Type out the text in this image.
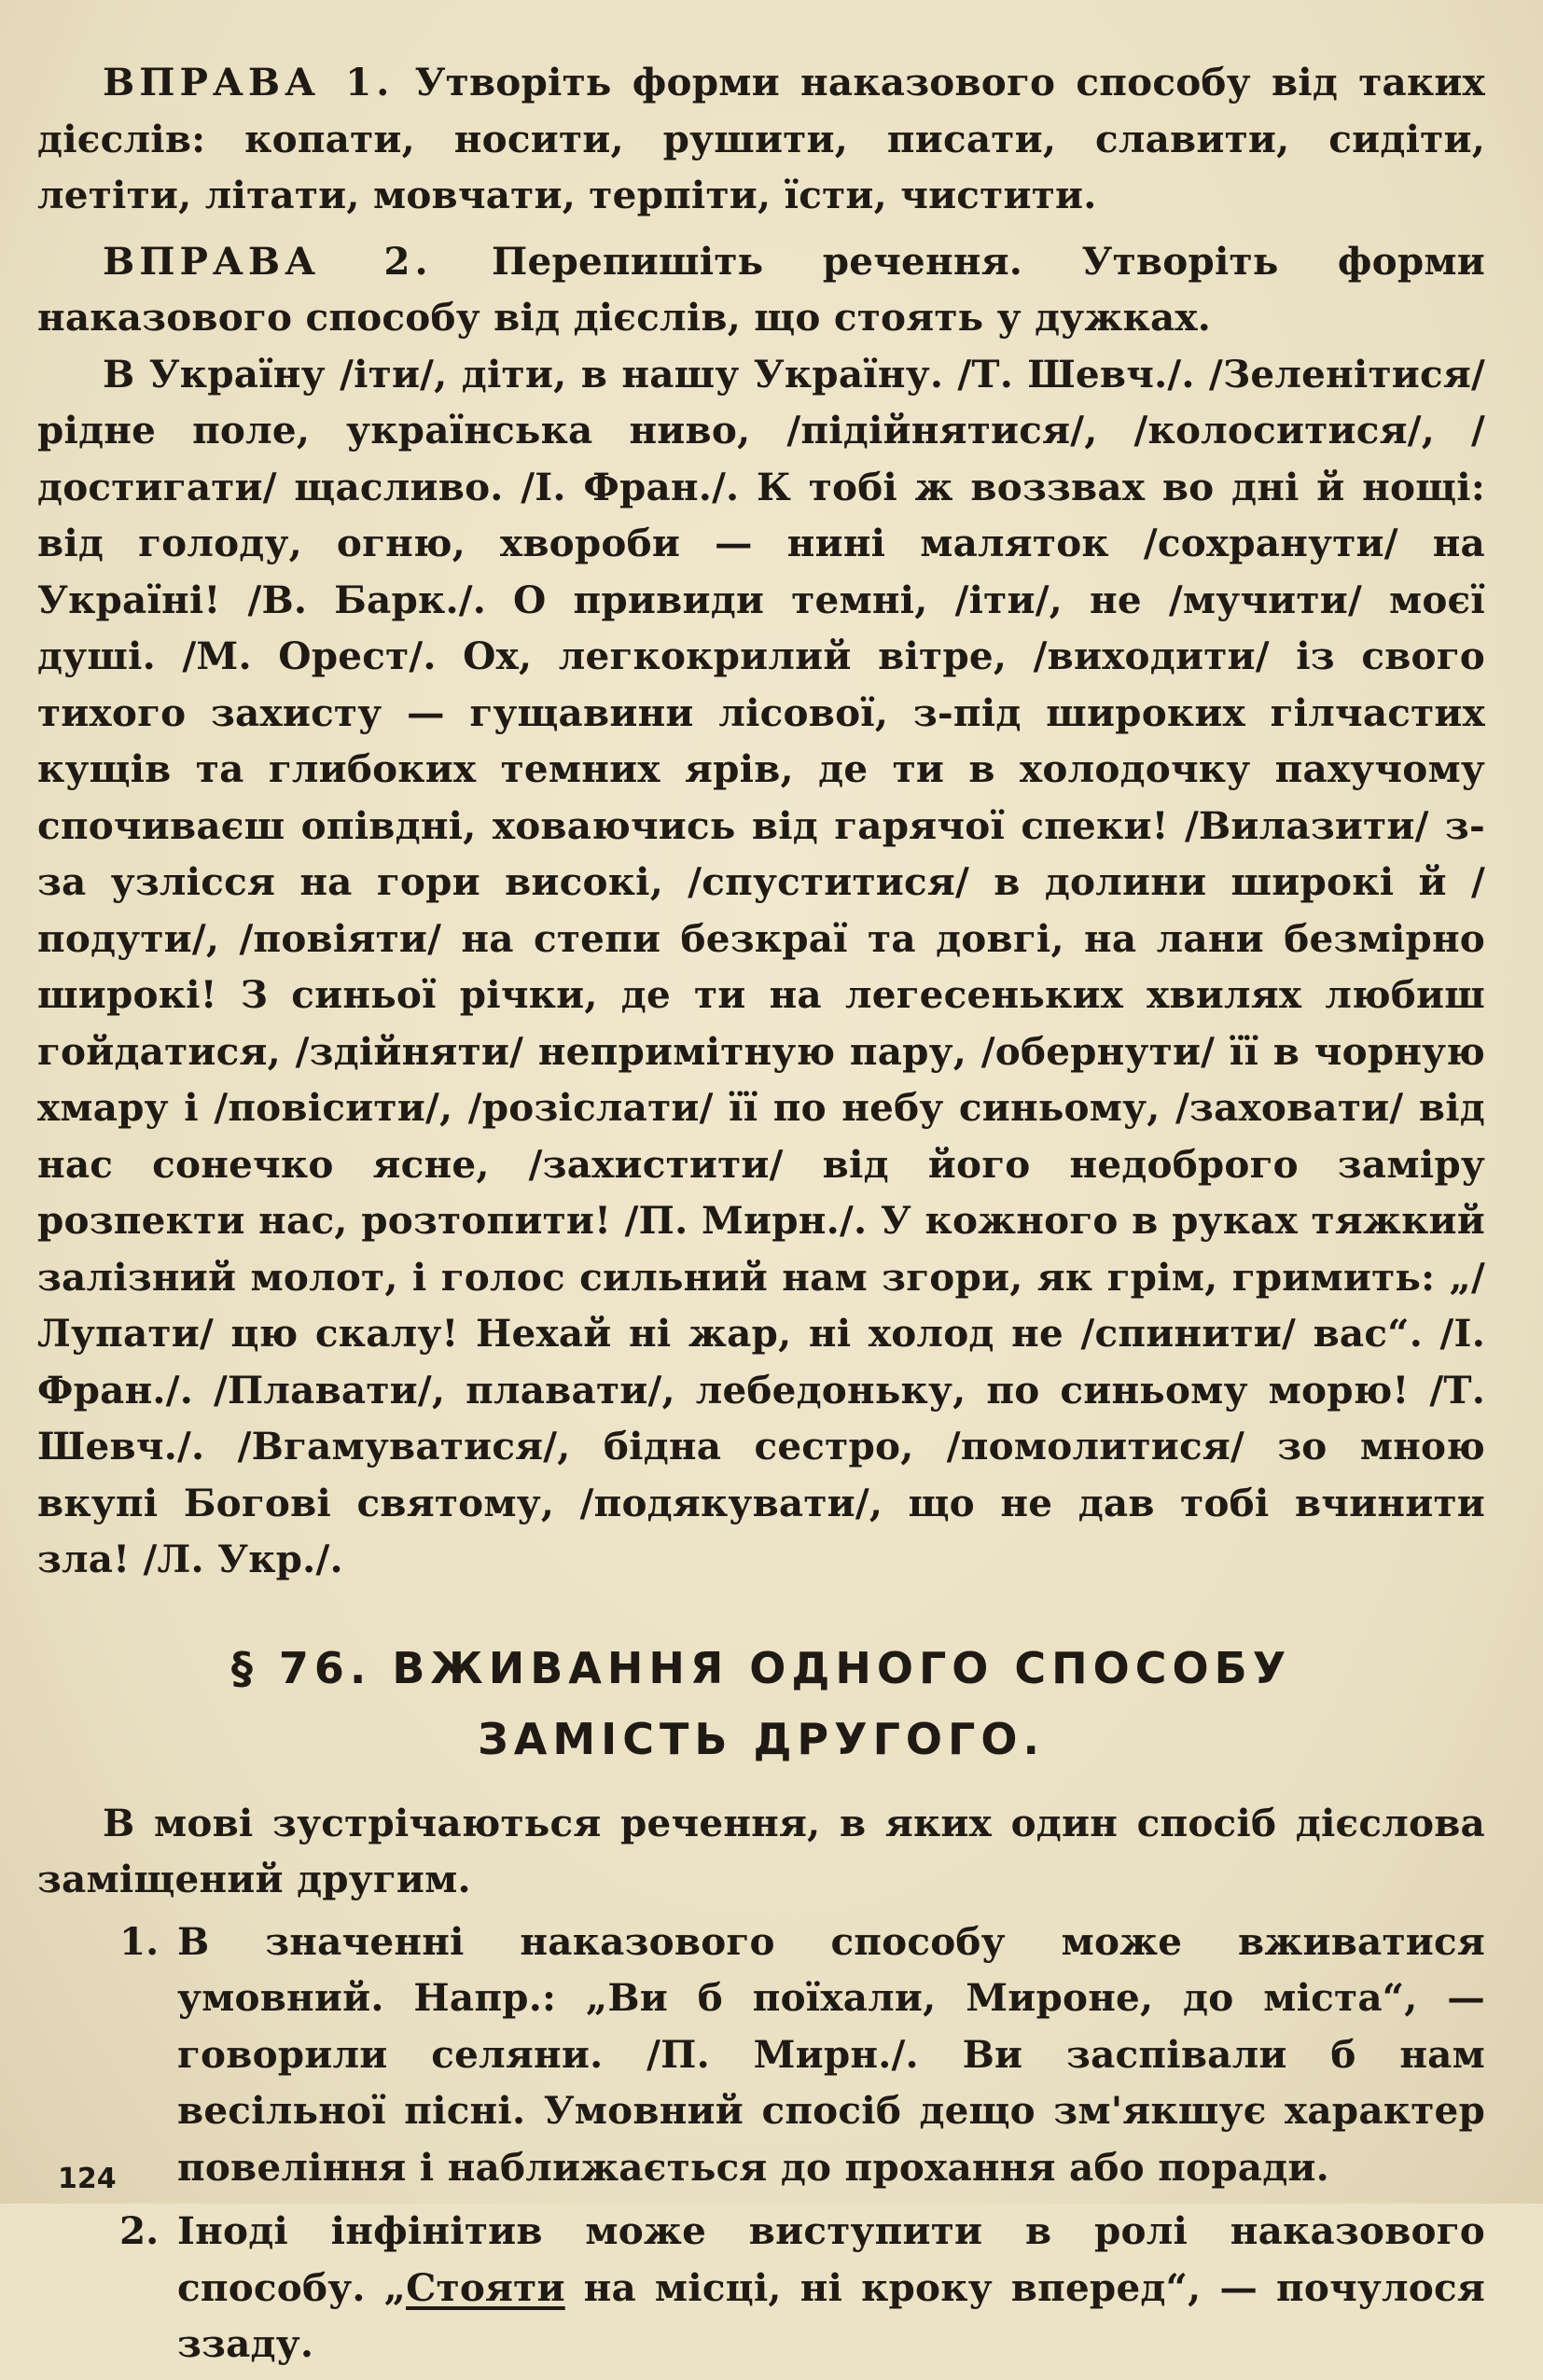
ВПРАВА 1. Утворіть форми наказового способу від таких дієслів: копати, носити, рушити, писати, славити, сидіти, летіти, літати, мовчати, терпіти, їсти, чистити.

ВПРАВА 2. Перепишіть речення. Утворіть форми наказового способу від дієслів, що стоять у дужках.

В Україну /іти/, діти, в нашу Україну. /Т. Шевч./. /Зеленітися/ рідне поле, українська ниво, /підійнятися/, /колоситися/, /достигати/ щасливо. /І. Фран./. К тобі ж воззвах во дні й нощі: від голоду, огню, хвороби — нині маляток /сохранути/ на Україні! /В. Барк./. О привиди темні, /іти/, не /мучити/ моєї душі. /М. Орест/. Ох, легкокрилий вітре, /виходити/ із свого тихого захисту — гущавини лісової, з-під широких гілчастих кущів та глибоких темних ярів, де ти в холодочку пахучому спочиваєш опівдні, ховаючись від гарячої спеки! /Вилазити/ з-за узлісся на гори високі, /спуститися/ в долини широкі й /подути/, /повіяти/ на степи безкраї та довгі, на лани безмірно широкі! З синьої річки, де ти на легесеньких хвилях любиш гойдатися, /здійняти/ непримітную пару, /обернути/ її в чорную хмару і /повісити/, /розіслати/ її по небу синьому, /заховати/ від нас сонечко ясне, /захистити/ від його недоброго заміру розпекти нас, розтопити! /П. Мирн./. У кожного в руках тяжкий залізний молот, і голос сильний нам згори, як грім, гримить: „/Лупати/ цю скалу! Нехай ні жар, ні холод не /спинити/ вас“. /І. Фран./. /Плавати/, плавати/, лебедоньку, по синьому морю! /Т. Шевч./. /Вгамуватися/, бідна сестро, /помолитися/ зо мною вкупі Богові святому, /подякувати/, що не дав тобі вчинити зла! /Л. Укр./.

§ 76. ВЖИВАННЯ ОДНОГО СПОСОБУ
ЗАМІСТЬ ДРУГОГО.

В мові зустрічаються речення, в яких один спосіб дієслова заміщений другим.

1. В значенні наказового способу може вживатися умовний. Напр.: „Ви б поїхали, Мироне, до міста“, — говорили селяни. /П. Мирн./. Ви заспівали б нам весільної пісні. Умовний спосіб дещо зм'якшує характер повеління і наближається до прохання або поради.

2. Іноді інфінітив може виступити в ролі наказового способу. „Стояти на місці, ні кроку вперед“, — почулося ззаду.

124
